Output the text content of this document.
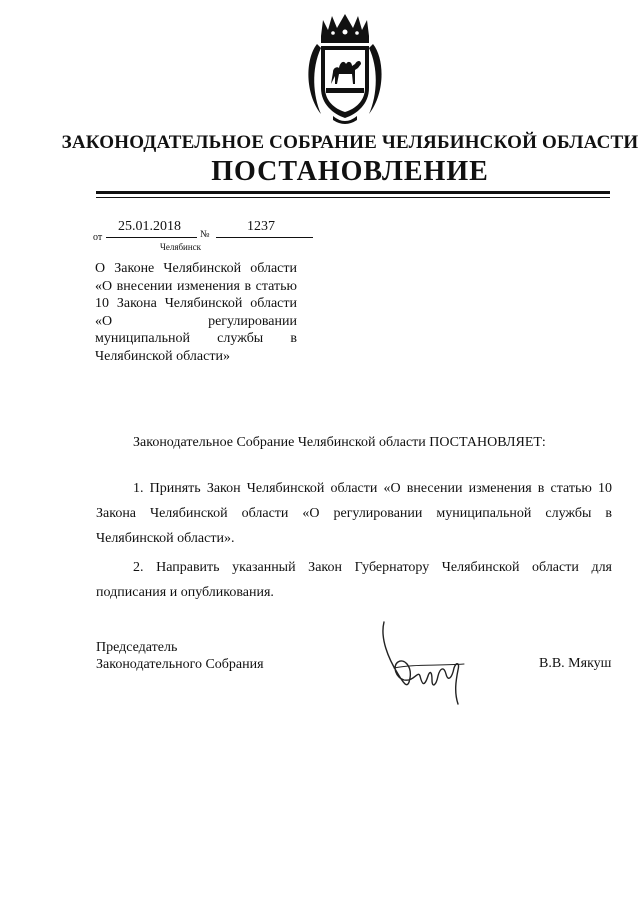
ЗАКОНОДАТЕЛЬНОЕ СОБРАНИЕ ЧЕЛЯБИНСКОЙ ОБЛАСТИ
ПОСТАНОВЛЕНИЕ
от
25.01.2018
№
1237
Челябинск
О Законе Челябинской области «О внесении изменения в статью 10 Закона Челябинской области «О регулировании муниципальной службы в Челябинской области»
Законодательное Собрание Челябинской области ПОСТАНОВЛЯЕТ:

1. Принять Закон Челябинской области «О внесении изменения в статью 10 Закона Челябинской области «О регулировании муниципальной службы в Челябинской области».

2. Направить указанный Закон Губернатору Челябинской области для подписания и опубликования.

Председатель
Законодательного Собрания	В.В. Мякуш
